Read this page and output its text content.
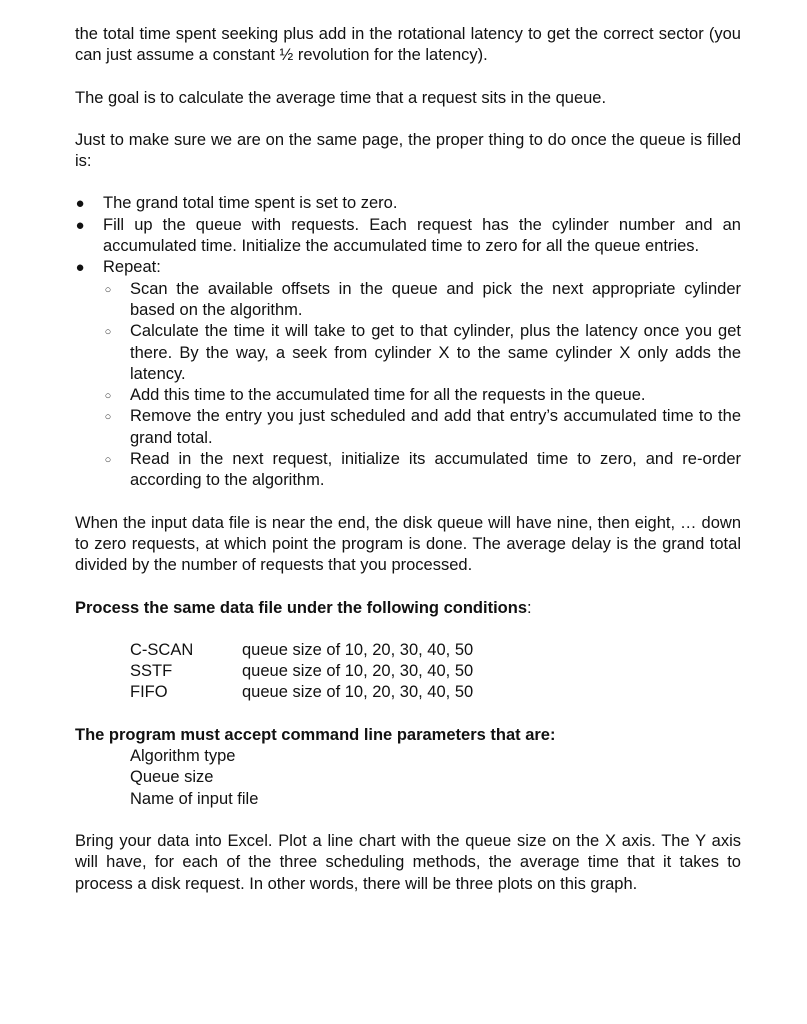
the total time spent seeking plus add in the rotational latency to get the correct sector (you can just assume a constant ½ revolution for the latency).

The goal is to calculate the average time that a request sits in the queue.

Just to make sure we are on the same page, the proper thing to do once the queue is filled is:

● The grand total time spent is set to zero.
● Fill up the queue with requests. Each request has the cylinder number and an accumulated time. Initialize the accumulated time to zero for all the queue entries.
● Repeat:
○ Scan the available offsets in the queue and pick the next appropriate cylinder based on the algorithm.
○ Calculate the time it will take to get to that cylinder, plus the latency once you get there. By the way, a seek from cylinder X to the same cylinder X only adds the latency.
○ Add this time to the accumulated time for all the requests in the queue.
○ Remove the entry you just scheduled and add that entry’s accumulated time to the grand total.
○ Read in the next request, initialize its accumulated time to zero, and re-order according to the algorithm.

When the input data file is near the end, the disk queue will have nine, then eight, … down to zero requests, at which point the program is done. The average delay is the grand total divided by the number of requests that you processed.

Process the same data file under the following conditions:

C-SCAN	queue size of 10, 20, 30, 40, 50
SSTF	queue size of 10, 20, 30, 40, 50
FIFO	queue size of 10, 20, 30, 40, 50

The program must accept command line parameters that are:

Algorithm type
Queue size
Name of input file

Bring your data into Excel. Plot a line chart with the queue size on the X axis. The Y axis will have, for each of the three scheduling methods, the average time that it takes to process a disk request. In other words, there will be three plots on this graph.
